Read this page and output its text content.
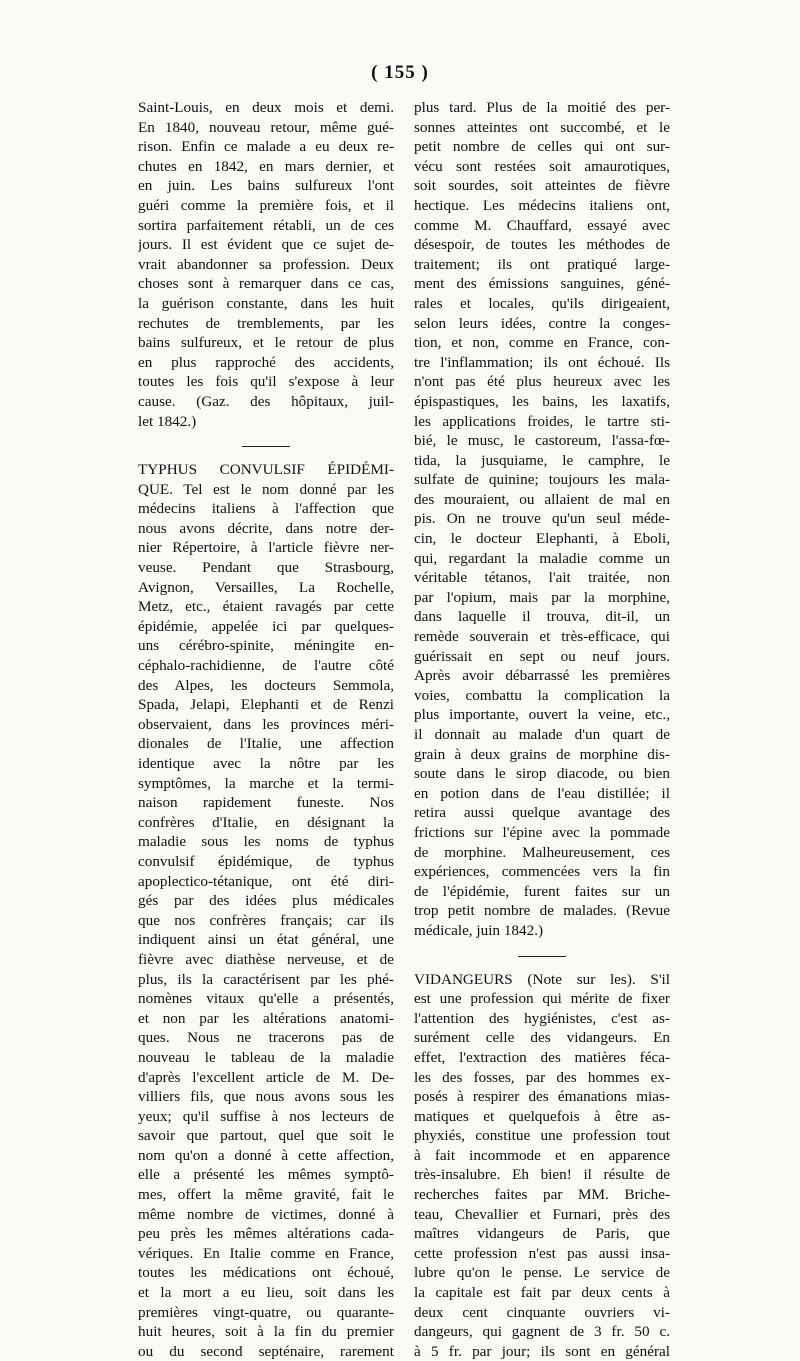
( 155 )
Saint-Louis, en deux mois et demi.
En 1840, nouveau retour, même gué-
rison. Enfin ce malade a eu deux re-
chutes en 1842, en mars dernier, et
en juin. Les bains sulfureux l'ont
guéri comme la première fois, et il
sortira parfaitement rétabli, un de ces
jours. Il est évident que ce sujet de-
vrait abandonner sa profession. Deux
choses sont à remarquer dans ce cas,
la guérison constante, dans les huit
rechutes de tremblements, par les
bains sulfureux, et le retour de plus
en plus rapproché des accidents,
toutes les fois qu'il s'expose à leur
cause. (Gaz. des hôpitaux, juil-
let 1842.)
TYPHUS CONVULSIF ÉPIDÉMI-
QUE. Tel est le nom donné par les
médecins italiens à l'affection que
nous avons décrite, dans notre der-
nier Répertoire, à l'article fièvre ner-
veuse. Pendant que Strasbourg,
Avignon, Versailles, La Rochelle,
Metz, etc., étaient ravagés par cette
épidémie, appelée ici par quelques-
uns cérébro-spinite, méningite en-
céphalo-rachidienne, de l'autre côté
des Alpes, les docteurs Semmola,
Spada, Jelapi, Elephanti et de Renzi
observaient, dans les provinces méri-
dionales de l'Italie, une affection
identique avec la nôtre par les
symptômes, la marche et la termi-
naison rapidement funeste. Nos
confrères d'Italie, en désignant la
maladie sous les noms de typhus
convulsif épidémique, de typhus
apoplectico-tétanique, ont été diri-
gés par des idées plus médicales
que nos confrères français; car ils
indiquent ainsi un état général, une
fièvre avec diathèse nerveuse, et de
plus, ils la caractérisent par les phé-
nomènes vitaux qu'elle a présentés,
et non par les altérations anatomi-
ques. Nous ne tracerons pas de
nouveau le tableau de la maladie
d'après l'excellent article de M. De-
villiers fils, que nous avons sous les
yeux; qu'il suffise à nos lecteurs de
savoir que partout, quel que soit le
nom qu'on a donné à cette affection,
elle a présenté les mêmes symptô-
mes, offert la même gravité, fait le
même nombre de victimes, donné à
peu près les mêmes altérations cada-
vériques. En Italie comme en France,
toutes les médications ont échoué,
et la mort a eu lieu, soit dans les
premières vingt-quatre, ou quarante-
huit heures, soit à la fin du premier
ou du second septénaire, rarement
plus tard. Plus de la moitié des per-
sonnes atteintes ont succombé, et le
petit nombre de celles qui ont sur-
vécu sont restées soit amaurotiques,
soit sourdes, soit atteintes de fièvre
hectique. Les médecins italiens ont,
comme M. Chauffard, essayé avec
désespoir, de toutes les méthodes de
traitement; ils ont pratiqué large-
ment des émissions sanguines, géné-
rales et locales, qu'ils dirigeaient,
selon leurs idées, contre la conges-
tion, et non, comme en France, con-
tre l'inflammation; ils ont échoué. Ils
n'ont pas été plus heureux avec les
épispastiques, les bains, les laxatifs,
les applications froides, le tartre sti-
bié, le musc, le castoreum, l'assa-fœ-
tida, la jusquiame, le camphre, le
sulfate de quinine; toujours les mala-
des mouraient, ou allaient de mal en
pis. On ne trouve qu'un seul méde-
cin, le docteur Elephanti, à Eboli,
qui, regardant la maladie comme un
véritable tétanos, l'ait traitée, non
par l'opium, mais par la morphine,
dans laquelle il trouva, dit-il, un
remède souverain et très-efficace, qui
guérissait en sept ou neuf jours.
Après avoir débarrassé les premières
voies, combattu la complication la
plus importante, ouvert la veine, etc.,
il donnait au malade d'un quart de
grain à deux grains de morphine dis-
soute dans le sirop diacode, ou bien
en potion dans de l'eau distillée; il
retira aussi quelque avantage des
frictions sur l'épine avec la pommade
de morphine. Malheureusement, ces
expériences, commencées vers la fin
de l'épidémie, furent faites sur un
trop petit nombre de malades. (Revue
médicale, juin 1842.)
VIDANGEURS (Note sur les). S'il
est une profession qui mérite de fixer
l'attention des hygiénistes, c'est as-
surément celle des vidangeurs. En
effet, l'extraction des matières féca-
les des fosses, par des hommes ex-
posés à respirer des émanations mias-
matiques et quelquefois à être as-
phyxiés, constitue une profession tout
à fait incommode et en apparence
très-insalubre. Eh bien! il résulte de
recherches faites par MM. Briche-
teau, Chevallier et Furnari, près des
maîtres vidangeurs de Paris, que
cette profession n'est pas aussi insa-
lubre qu'on le pense. Le service de
la capitale est fait par deux cents à
deux cent cinquante ouvriers vi-
dangeurs, qui gagnent de 3 fr. 50 c.
à 5 fr. par jour; ils sont en général
